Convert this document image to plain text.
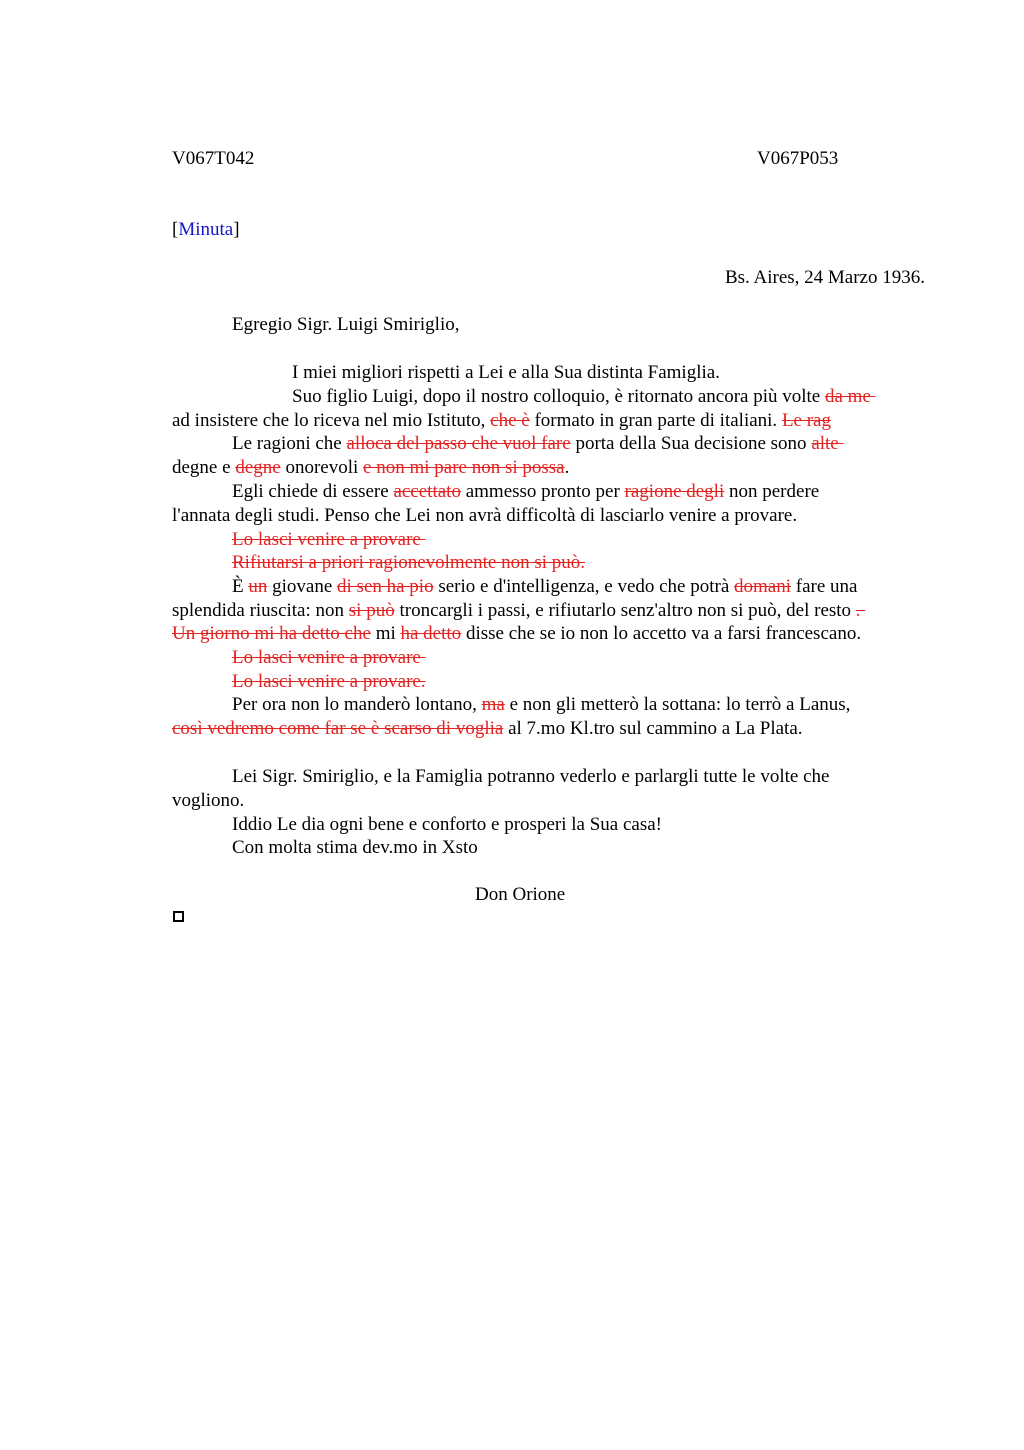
V067T042	V067P053
[Minuta]
Bs. Aires, 24 Marzo 1936.
Egregio Sigr. Luigi Smiriglio,
I miei migliori rispetti a Lei e alla Sua distinta Famiglia.
Suo figlio Luigi, dopo il nostro colloquio, è ritornato ancora più volte da me
ad insistere che lo riceva nel mio Istituto, che è formato in gran parte di italiani. Le rag
Le ragioni che alloca del passo che vuol fare porta della Sua decisione sono alte
degne e degne onorevoli e non mi pare non si possa.
Egli chiede di essere accettato ammesso pronto per ragione degli non perdere
l'annata degli studi. Penso che Lei non avrà difficoltà di lasciarlo venire a provare.
Lo lasci venire a provare
Rifiutarsi a priori ragionevolmente non si può.
È un giovane di sen ha pio serio e d'intelligenza, e vedo che potrà domani fare una
splendida riuscita: non si può troncargli i passi, e rifiutarlo senz'altro non si può, del resto .
Un giorno mi ha detto che mi ha detto disse che se io non lo accetto va a farsi francescano.
Lo lasci venire a provare
Lo lasci venire a provare.
Per ora non lo manderò lontano, ma e non gli metterò la sottana: lo terrò a Lanus,
così vedremo come far se è scarso di voglia al 7.mo Kl.tro sul cammino a La Plata.
Lei Sigr. Smiriglio, e la Famiglia potranno vederlo e parlargli tutte le volte che
vogliono.
Iddio Le dia ogni bene e conforto e prosperi la Sua casa!
Con molta stima dev.mo in Xsto
Don Orione
